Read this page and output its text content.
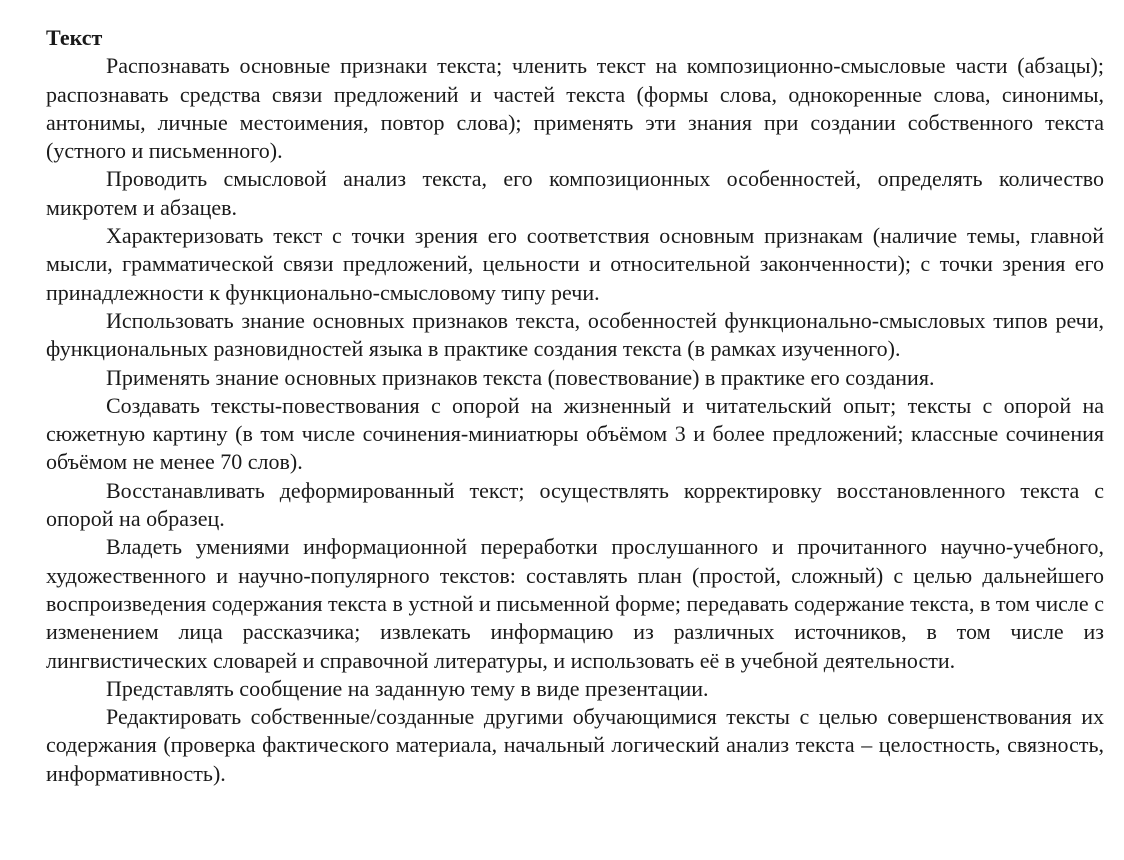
Текст

Распознавать основные признаки текста; членить текст на композиционно-смысловые части (абзацы); распознавать средства связи предложений и частей текста (формы слова, однокоренные слова, синонимы, антонимы, личные местоимения, повтор слова); применять эти знания при создании собственного текста (устного и письменного).

Проводить смысловой анализ текста, его композиционных особенностей, определять количество микротем и абзацев.

Характеризовать текст с точки зрения его соответствия основным признакам (наличие темы, главной мысли, грамматической связи предложений, цельности и относительной законченности); с точки зрения его принадлежности к функционально-смысловому типу речи.

Использовать знание основных признаков текста, особенностей функционально-смысловых типов речи, функциональных разновидностей языка в практике создания текста (в рамках изученного).

Применять знание основных признаков текста (повествование) в практике его создания.

Создавать тексты-повествования с опорой на жизненный и читательский опыт; тексты с опорой на сюжетную картину (в том числе сочинения-миниатюры объёмом 3 и более предложений; классные сочинения объёмом не менее 70 слов).

Восстанавливать деформированный текст; осуществлять корректировку восстановленного текста с опорой на образец.

Владеть умениями информационной переработки прослушанного и прочитанного научно-учебного, художественного и научно-популярного текстов: составлять план (простой, сложный) с целью дальнейшего воспроизведения содержания текста в устной и письменной форме; передавать содержание текста, в том числе с изменением лица рассказчика; извлекать информацию из различных источников, в том числе из лингвистических словарей и справочной литературы, и использовать её в учебной деятельности.

Представлять сообщение на заданную тему в виде презентации.

Редактировать собственные/созданные другими обучающимися тексты с целью совершенствования их содержания (проверка фактического материала, начальный логический анализ текста – целостность, связность, информативность).
